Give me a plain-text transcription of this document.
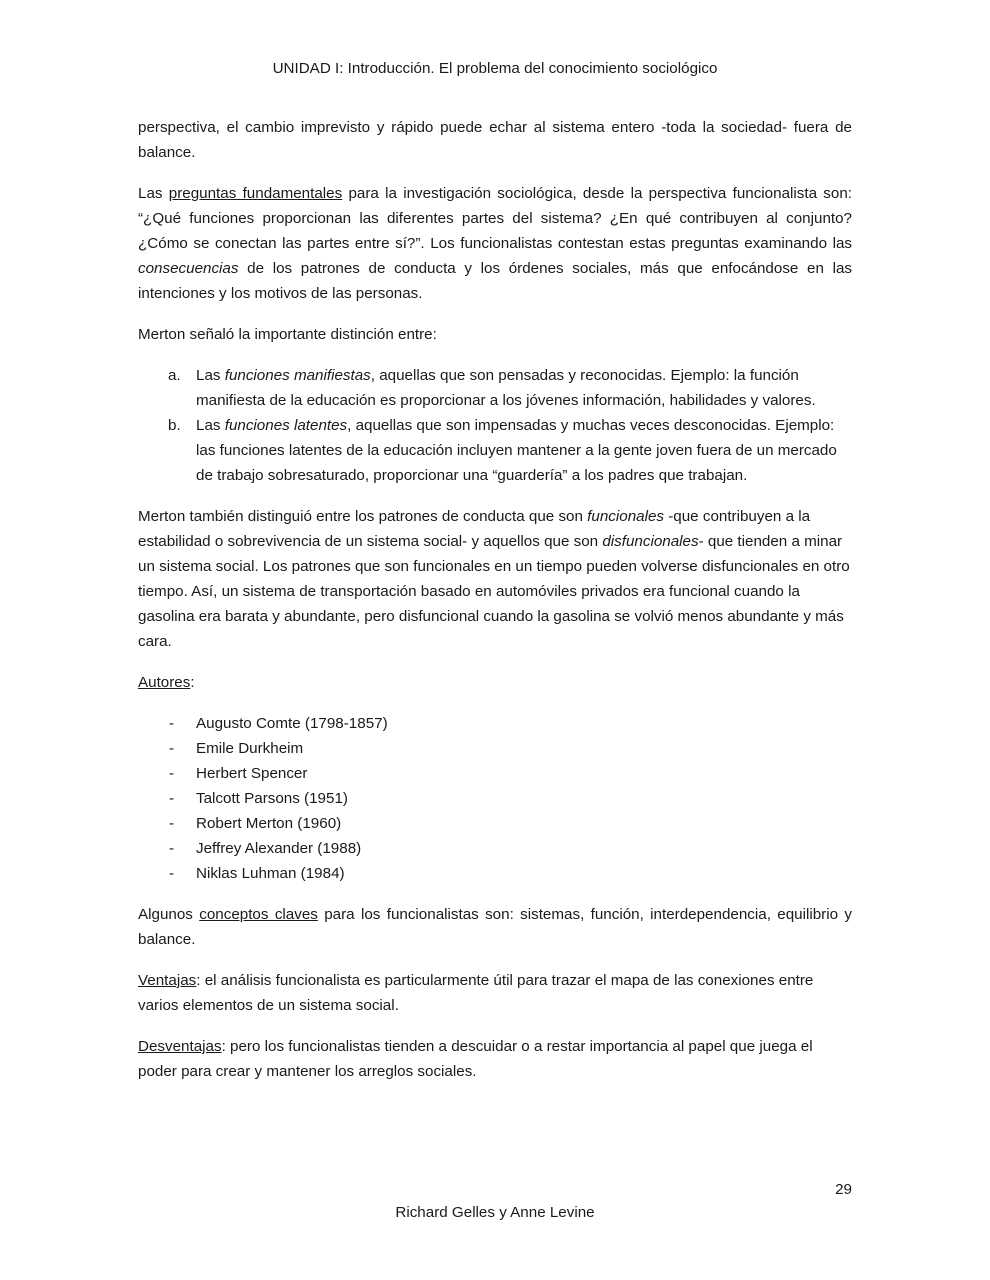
UNIDAD I: Introducción. El problema del conocimiento sociológico

perspectiva, el cambio imprevisto y rápido puede echar al sistema entero -toda la sociedad- fuera de balance.

Las preguntas fundamentales para la investigación sociológica, desde la perspectiva funcionalista son: “¿Qué funciones proporcionan las diferentes partes del sistema? ¿En qué contribuyen al conjunto? ¿Cómo se conectan las partes entre sí?”. Los funcionalistas contestan estas preguntas examinando las consecuencias de los patrones de conducta y los órdenes sociales, más que enfocándose en las intenciones y los motivos de las personas.

Merton señaló la importante distinción entre:

a. Las funciones manifiestas, aquellas que son pensadas y reconocidas. Ejemplo: la función manifiesta de la educación es proporcionar a los jóvenes información, habilidades y valores.
b. Las funciones latentes, aquellas que son impensadas y muchas veces desconocidas. Ejemplo: las funciones latentes de la educación incluyen mantener a la gente joven fuera de un mercado de trabajo sobresaturado, proporcionar una “guardería” a los padres que trabajan.

Merton también distinguió entre los patrones de conducta que son funcionales -que contribuyen a la estabilidad o sobrevivencia de un sistema social- y aquellos que son disfuncionales- que tienden a minar un sistema social. Los patrones que son funcionales en un tiempo pueden volverse disfuncionales en otro tiempo. Así, un sistema de transportación basado en automóviles privados era funcional cuando la gasolina era barata y abundante, pero disfuncional cuando la gasolina se volvió menos abundante y más cara.

Autores:

- Augusto Comte (1798-1857)
- Emile Durkheim
- Herbert Spencer
- Talcott Parsons (1951)
- Robert Merton (1960)
- Jeffrey Alexander (1988)
- Niklas Luhman (1984)

Algunos conceptos claves para los funcionalistas son: sistemas, función, interdependencia, equilibrio y balance.

Ventajas: el análisis funcionalista es particularmente útil para trazar el mapa de las conexiones entre varios elementos de un sistema social.

Desventajas: pero los funcionalistas tienden a descuidar o a restar importancia al papel que juega el poder para crear y mantener los arreglos sociales.

29
Richard Gelles y Anne Levine
